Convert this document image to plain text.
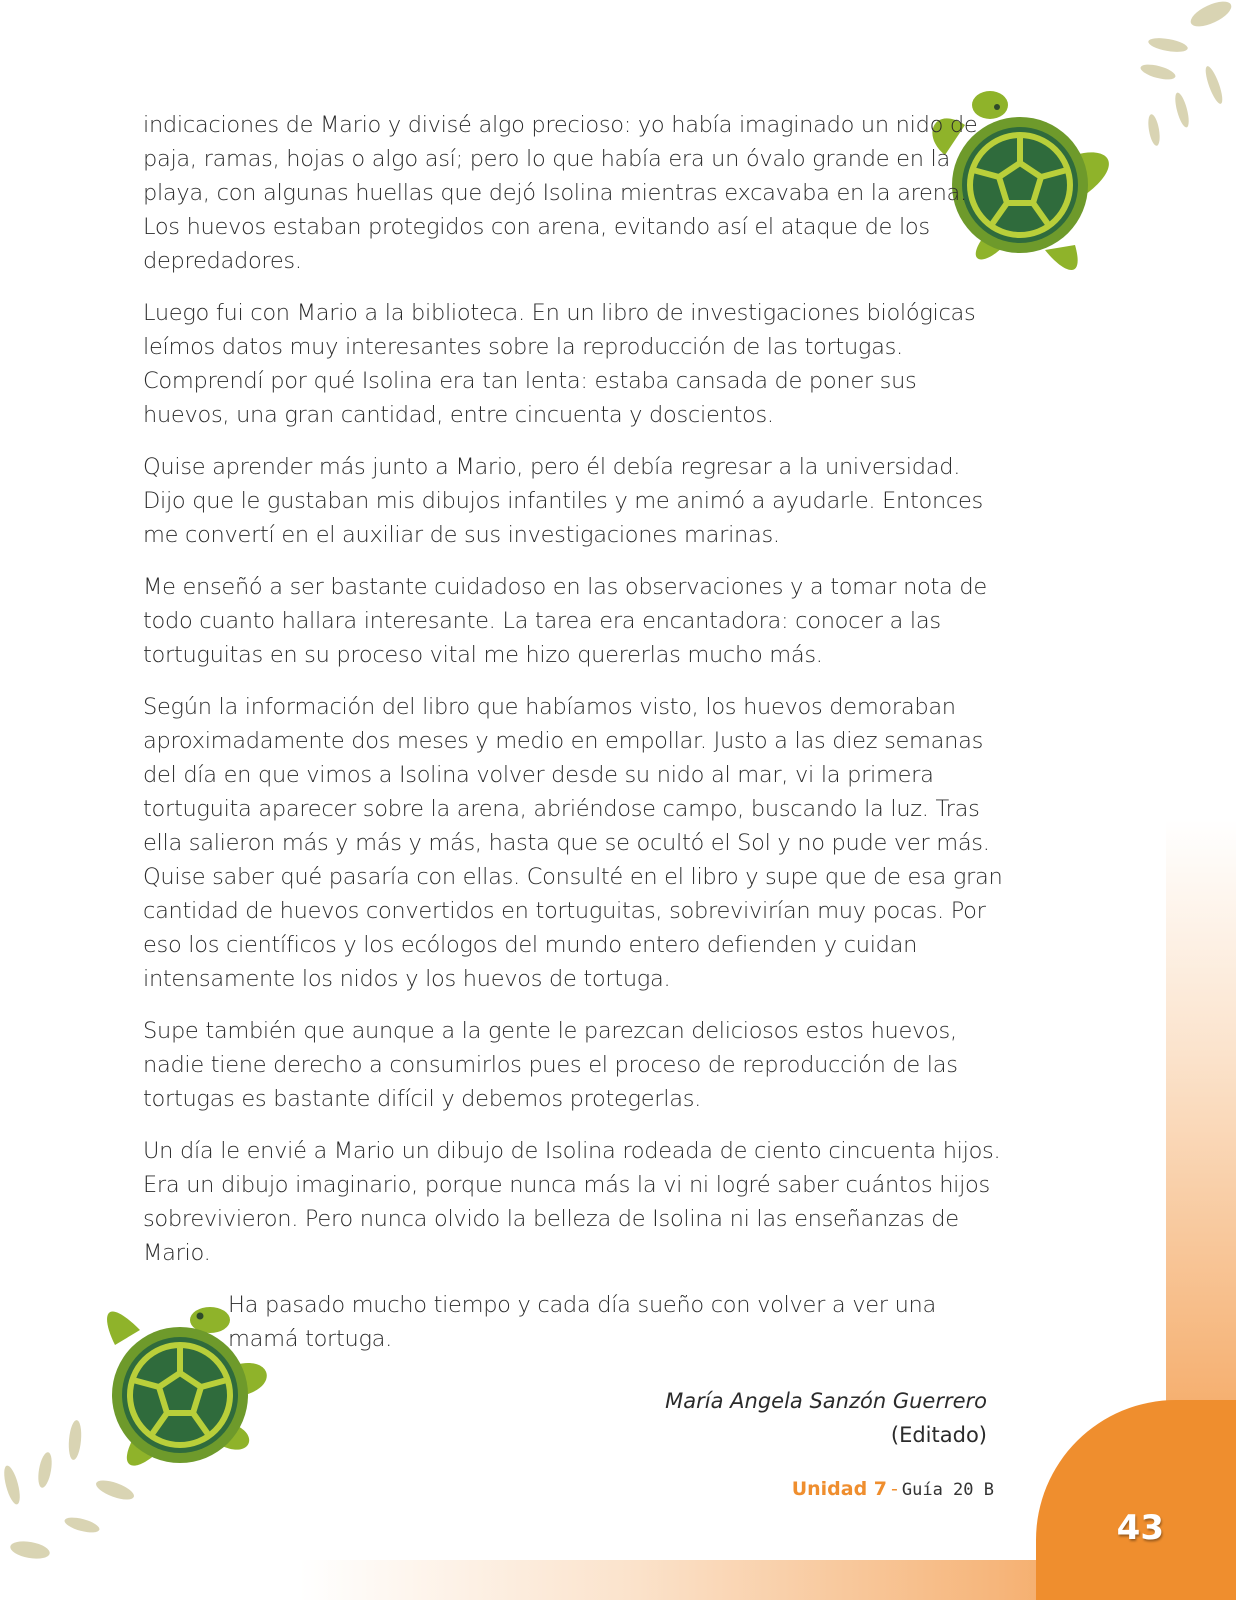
indicaciones de Mario y divisé algo precioso: yo había imaginado un nido de paja, ramas, hojas o algo así; pero lo que había era un óvalo grande en la playa, con algunas huellas que dejó Isolina mientras excavaba en la arena. Los huevos estaban protegidos con arena, evitando así el ataque de los depredadores.

Luego fui con Mario a la biblioteca. En un libro de investigaciones biológicas leímos datos muy interesantes sobre la reproducción de las tortugas. Comprendí por qué Isolina era tan lenta: estaba cansada de poner sus huevos, una gran cantidad, entre cincuenta y doscientos.

Quise aprender más junto a Mario, pero él debía regresar a la universidad. Dijo que le gustaban mis dibujos infantiles y me animó a ayudarle. Entonces me convertí en el auxiliar de sus investigaciones marinas.

Me enseñó a ser bastante cuidadoso en las observaciones y a tomar nota de todo cuanto hallara interesante. La tarea era encantadora: conocer a las tortuguitas en su proceso vital me hizo quererlas mucho más.

Según la información del libro que habíamos visto, los huevos demoraban aproximadamente dos meses y medio en empollar. Justo a las diez semanas del día en que vimos a Isolina volver desde su nido al mar, vi la primera tortuguita aparecer sobre la arena, abriéndose campo, buscando la luz. Tras ella salieron más y más y más, hasta que se ocultó el Sol y no pude ver más. Quise saber qué pasaría con ellas. Consulté en el libro y supe que de esa gran cantidad de huevos convertidos en tortuguitas, sobrevivirían muy pocas. Por eso los científicos y los ecólogos del mundo entero defienden y cuidan intensamente los nidos y los huevos de tortuga.

Supe también que aunque a la gente le parezcan deliciosos estos huevos, nadie tiene derecho a consumirlos pues el proceso de reproducción de las tortugas es bastante difícil y debemos protegerlas.

Un día le envié a Mario un dibujo de Isolina rodeada de ciento cincuenta hijos. Era un dibujo imaginario, porque nunca más la vi ni logré saber cuántos hijos sobrevivieron. Pero nunca olvido la belleza de Isolina ni las enseñanzas de Mario.

Ha pasado mucho tiempo y cada día sueño con volver a ver una mamá tortuga.

María Angela Sanzón Guerrero
(Editado)
Unidad 7 - Guía 20 B
43
